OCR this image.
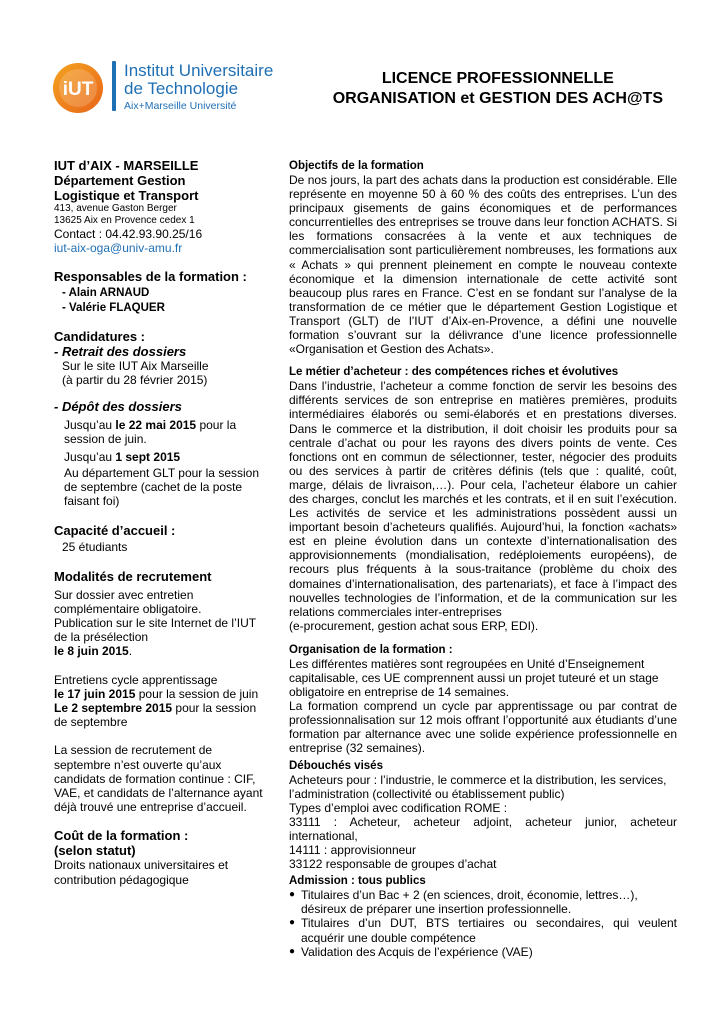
iUT
Institut Universitaire
de Technologie
Aix+Marseille Université
LICENCE PROFESSIONNELLE
ORGANISATION et GESTION DES ACH@TS
IUT d’AIX - MARSEILLE
Département Gestion
Logistique et Transport
413, avenue Gaston Berger
13625 Aix en Provence cedex 1
Contact : 04.42.93.90.25/16
iut-aix-oga@univ-amu.fr
Responsables de la formation :
- Alain ARNAUD
- Valérie FLAQUER
Candidatures :
- Retrait des dossiers
Sur le site IUT Aix Marseille
(à partir du 28 février 2015)
- Dépôt des dossiers
Jusqu’au le 22 mai 2015 pour la session de juin.
Jusqu’au 1 sept 2015
Au département GLT pour la session de septembre (cachet de la poste faisant foi)
Capacité d’accueil :
25 étudiants
Modalités de recrutement
Sur dossier avec entretien complémentaire obligatoire.
Publication sur le site Internet de l’IUT de la présélection
le 8 juin 2015.
Entretiens cycle apprentissage
le 17 juin 2015 pour la session de juin
Le 2 septembre 2015 pour la session de septembre
La session de recrutement de septembre n’est ouverte qu’aux candidats de formation continue : CIF, VAE, et candidats de l’alternance ayant déjà trouvé une entreprise d’accueil.
Coût de la formation :
(selon statut)
Droits nationaux universitaires et contribution pédagogique
Objectifs de la formation
De nos jours, la part des achats dans la production est considérable. Elle représente en moyenne 50 à 60 % des coûts des entreprises. L’un des principaux gisements de gains économiques et de performances concurrentielles des entreprises se trouve dans leur fonction ACHATS. Si les formations consacrées à la vente et aux techniques de commercialisation sont particulièrement nombreuses, les formations aux « Achats » qui prennent pleinement en compte le nouveau contexte économique et la dimension internationale de cette activité sont beaucoup plus rares en France. C’est en se fondant sur l’analyse de la transformation de ce métier que le département Gestion Logistique et Transport (GLT) de l’IUT d’Aix-en-Provence, a défini une nouvelle formation s’ouvrant sur la délivrance d’une licence professionnelle «Organisation et Gestion des Achats».
Le métier d’acheteur : des compétences riches et évolutives
Dans l’industrie, l’acheteur a comme fonction de servir les besoins des différents services de son entreprise en matières premières, produits intermédiaires élaborés ou semi-élaborés et en prestations diverses. Dans le commerce et la distribution, il doit choisir les produits pour sa centrale d’achat ou pour les rayons des divers points de vente. Ces fonctions ont en commun de sélectionner, tester, négocier des produits ou des services à partir de critères définis (tels que : qualité, coût, marge, délais de livraison,…). Pour cela, l’acheteur élabore un cahier des charges, conclut les marchés et les contrats, et il en suit l’exécution. Les activités de service et les administrations possèdent aussi un important besoin d’acheteurs qualifiés. Aujourd’hui, la fonction «achats» est en pleine évolution dans un contexte d’internationalisation des approvisionnements (mondialisation, redéploiements européens), de recours plus fréquents à la sous-traitance (problème du choix des domaines d’internationalisation, des partenariats), et face à l’impact des nouvelles technologies de l’information, et de la communication sur les relations commerciales inter-entreprises
(e-procurement, gestion achat sous ERP, EDI).
Organisation de la formation :
Les différentes matières sont regroupées en Unité d’Enseignement capitalisable, ces UE comprennent aussi un projet tuteuré et un stage obligatoire en entreprise de 14 semaines.
La formation comprend un cycle par apprentissage ou par contrat de professionnalisation sur 12 mois offrant l’opportunité aux étudiants d’une formation par alternance avec une solide expérience professionnelle en entreprise (32 semaines).
Débouchés visés
Acheteurs pour : l’industrie, le commerce et la distribution, les services, l’administration (collectivité ou établissement public)
Types d’emploi avec codification ROME :
33111 : Acheteur, acheteur adjoint, acheteur junior, acheteur international,
14111 : approvisionneur
33122 responsable de groupes d’achat
Admission : tous publics
● Titulaires d’un Bac + 2 (en sciences, droit, économie, lettres…), désireux de préparer une insertion professionnelle.
● Titulaires d’un DUT, BTS tertiaires ou secondaires, qui veulent acquérir une double compétence
● Validation des Acquis de l’expérience (VAE)
